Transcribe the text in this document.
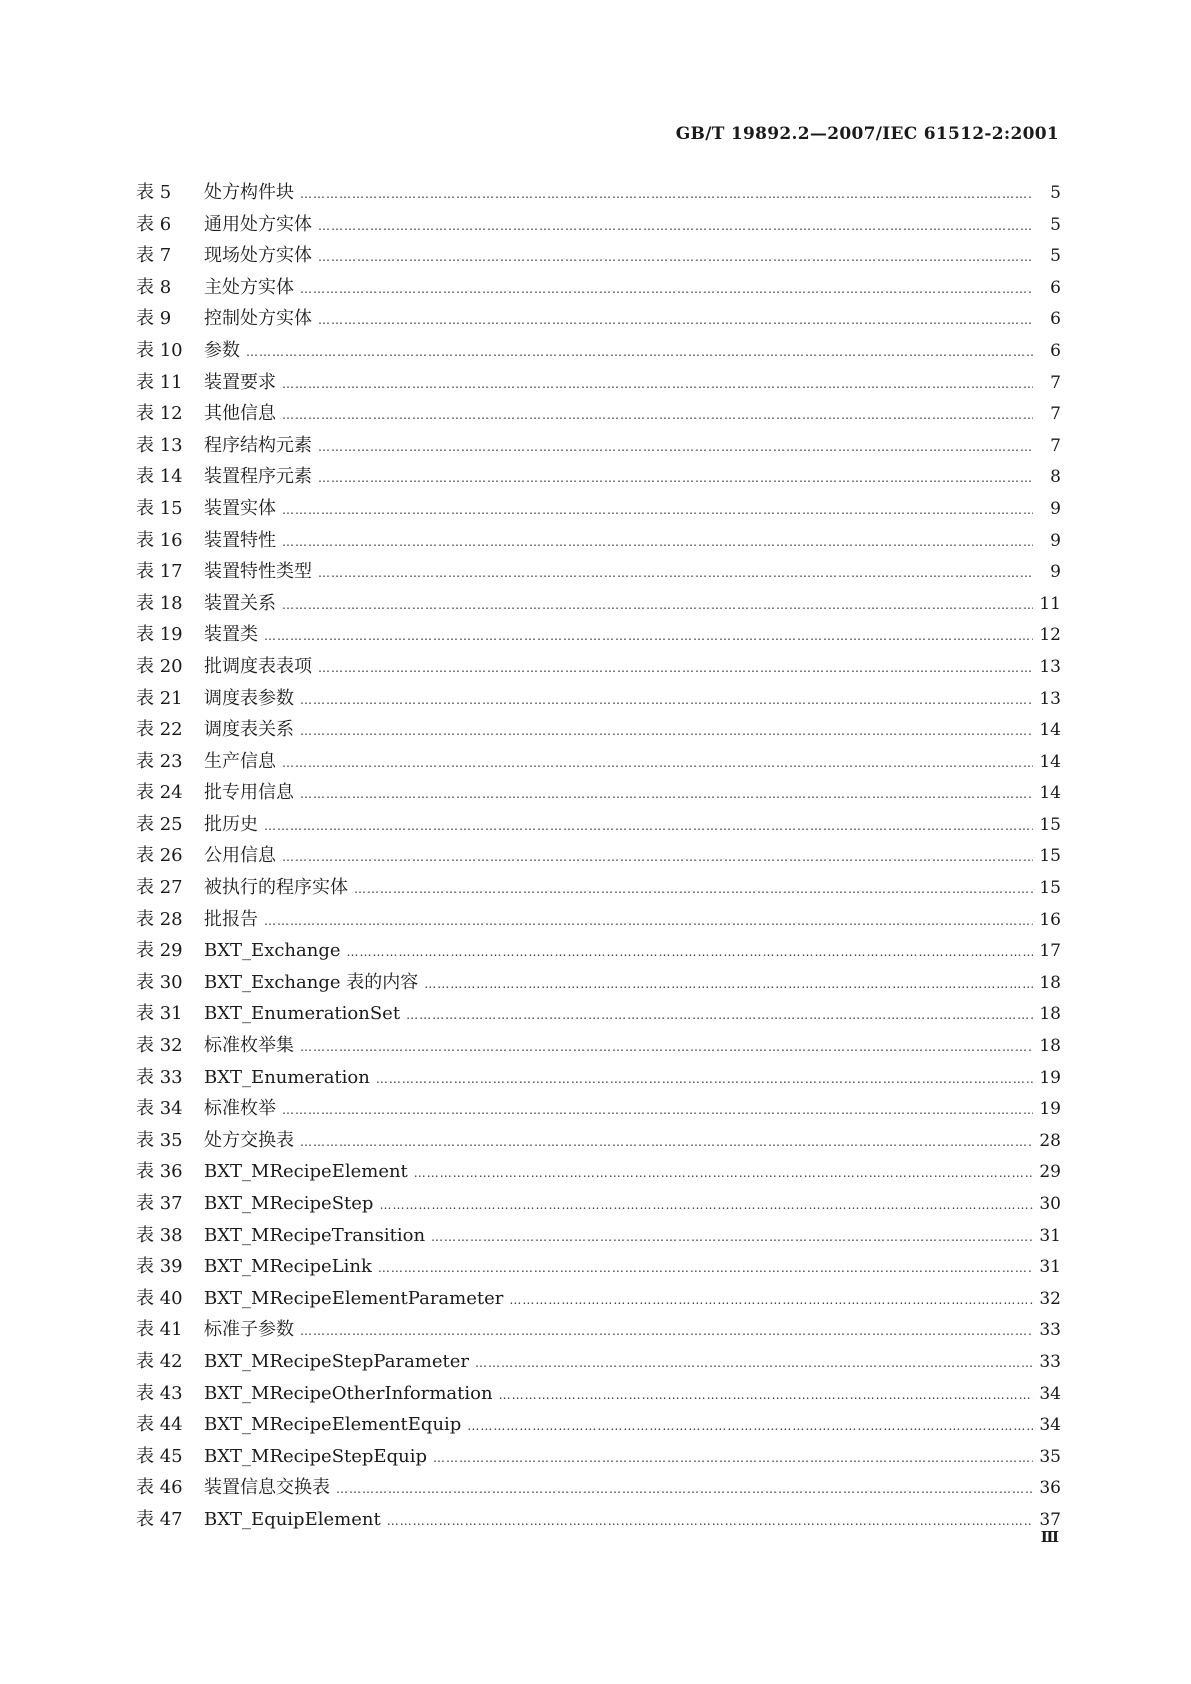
GB/T 19892.2—2007/IEC 61512-2:2001
表 5	处方构件块 …………………………………………………………………………………………………………………………………………………………………………………………………………	5
表 6	通用处方实体 …………………………………………………………………………………………………………………………………………………………………………………………………………	5
表 7	现场处方实体 …………………………………………………………………………………………………………………………………………………………………………………………………………	5
表 8	主处方实体 …………………………………………………………………………………………………………………………………………………………………………………………………………	6
表 9	控制处方实体 …………………………………………………………………………………………………………………………………………………………………………………………………………	6
表 10	参数 …………………………………………………………………………………………………………………………………………………………………………………………………………	6
表 11	装置要求 …………………………………………………………………………………………………………………………………………………………………………………………………………	7
表 12	其他信息 …………………………………………………………………………………………………………………………………………………………………………………………………………	7
表 13	程序结构元素 …………………………………………………………………………………………………………………………………………………………………………………………………………	7
表 14	装置程序元素 …………………………………………………………………………………………………………………………………………………………………………………………………………	8
表 15	装置实体 …………………………………………………………………………………………………………………………………………………………………………………………………………	9
表 16	装置特性 …………………………………………………………………………………………………………………………………………………………………………………………………………	9
表 17	装置特性类型 …………………………………………………………………………………………………………………………………………………………………………………………………………	9
表 18	装置关系 …………………………………………………………………………………………………………………………………………………………………………………………………………	11
表 19	装置类 …………………………………………………………………………………………………………………………………………………………………………………………………………	12
表 20	批调度表表项 …………………………………………………………………………………………………………………………………………………………………………………………………………	13
表 21	调度表参数 …………………………………………………………………………………………………………………………………………………………………………………………………………	13
表 22	调度表关系 …………………………………………………………………………………………………………………………………………………………………………………………………………	14
表 23	生产信息 …………………………………………………………………………………………………………………………………………………………………………………………………………	14
表 24	批专用信息 …………………………………………………………………………………………………………………………………………………………………………………………………………	14
表 25	批历史 …………………………………………………………………………………………………………………………………………………………………………………………………………	15
表 26	公用信息 …………………………………………………………………………………………………………………………………………………………………………………………………………	15
表 27	被执行的程序实体 …………………………………………………………………………………………………………………………………………………………………………………………………………	15
表 28	批报告 …………………………………………………………………………………………………………………………………………………………………………………………………………	16
表 29	BXT_Exchange …………………………………………………………………………………………………………………………………………………………………………………………………………	17
表 30	BXT_Exchange 表的内容 …………………………………………………………………………………………………………………………………………………………………………………………………………	18
表 31	BXT_EnumerationSet …………………………………………………………………………………………………………………………………………………………………………………………………………	18
表 32	标准枚举集 …………………………………………………………………………………………………………………………………………………………………………………………………………	18
表 33	BXT_Enumeration …………………………………………………………………………………………………………………………………………………………………………………………………………	19
表 34	标准枚举 …………………………………………………………………………………………………………………………………………………………………………………………………………	19
表 35	处方交换表 …………………………………………………………………………………………………………………………………………………………………………………………………………	28
表 36	BXT_MRecipeElement …………………………………………………………………………………………………………………………………………………………………………………………………………	29
表 37	BXT_MRecipeStep …………………………………………………………………………………………………………………………………………………………………………………………………………	30
表 38	BXT_MRecipeTransition …………………………………………………………………………………………………………………………………………………………………………………………………………	31
表 39	BXT_MRecipeLink …………………………………………………………………………………………………………………………………………………………………………………………………………	31
表 40	BXT_MRecipeElementParameter …………………………………………………………………………………………………………………………………………………………………………………………………………	32
表 41	标准子参数 …………………………………………………………………………………………………………………………………………………………………………………………………………	33
表 42	BXT_MRecipeStepParameter …………………………………………………………………………………………………………………………………………………………………………………………………………	33
表 43	BXT_MRecipeOtherInformation …………………………………………………………………………………………………………………………………………………………………………………………………………	34
表 44	BXT_MRecipeElementEquip …………………………………………………………………………………………………………………………………………………………………………………………………………	34
表 45	BXT_MRecipeStepEquip …………………………………………………………………………………………………………………………………………………………………………………………………………	35
表 46	装置信息交换表 …………………………………………………………………………………………………………………………………………………………………………………………………………	36
表 47	BXT_EquipElement …………………………………………………………………………………………………………………………………………………………………………………………………………	37
Ⅲ
